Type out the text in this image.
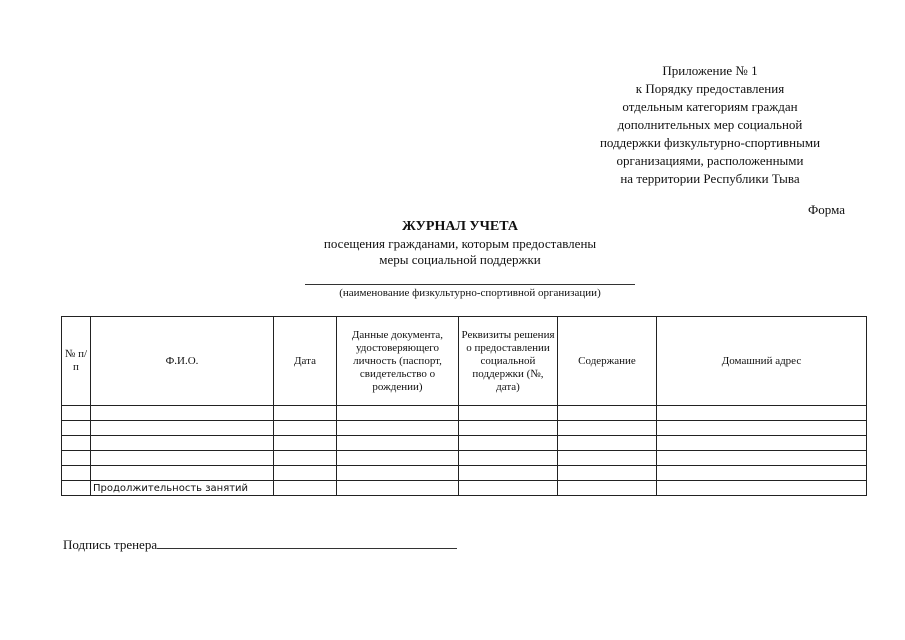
Приложение № 1
к Порядку предоставления
отдельным категориям граждан
дополнительных мер социальной
поддержки физкультурно-спортивными
организациями, расположенными
на территории Республики Тыва
Форма
ЖУРНАЛ УЧЕТА
посещения гражданами, которым предоставлены
меры социальной поддержки
(наименование физкультурно-спортивной организации)
№ п/п	Ф.И.О.	Дата	Данные документа, удостоверяющего личность (паспорт, свидетельство о рождении)	Реквизиты решения о предоставлении социальной поддержки (№, дата)	Содержание	Домашний адрес

	Продолжительность занятий					
Подпись тренера
